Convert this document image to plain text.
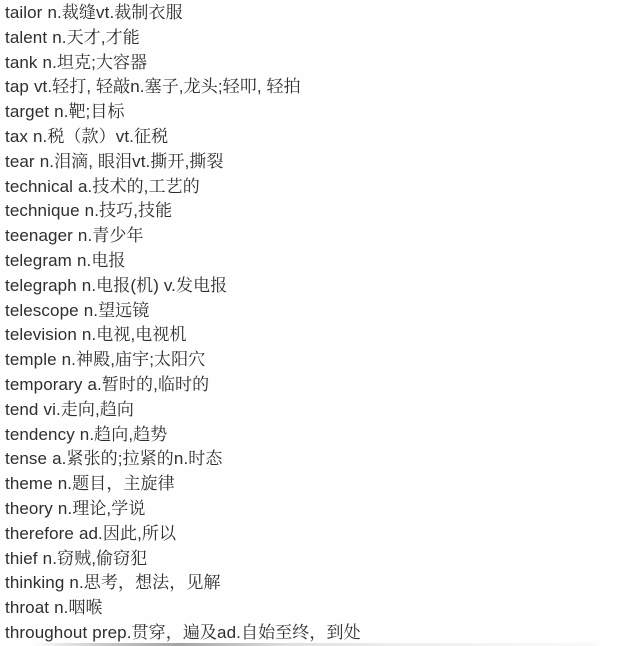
tailor n.裁缝vt.裁制衣服
talent n.天才,才能
tank n.坦克;大容器
tap vt.轻打, 轻敲n.塞子,龙头;轻叩, 轻拍
target n.靶;目标
tax n.税（款）vt.征税
tear n.泪滴, 眼泪vt.撕开,撕裂
technical a.技术的,工艺的
technique n.技巧,技能
teenager n.青少年
telegram n.电报
telegraph n.电报(机) v.发电报
telescope n.望远镜
television n.电视,电视机
temple n.神殿,庙宇;太阳穴
temporary a.暂时的,临时的
tend vi.走向,趋向
tendency n.趋向,趋势
tense a.紧张的;拉紧的n.时态
theme n.题目，主旋律
theory n.理论,学说
therefore ad.因此,所以
thief n.窃贼,偷窃犯
thinking n.思考，想法，见解
throat n.咽喉
throughout prep.贯穿，遍及ad.自始至终，到处
